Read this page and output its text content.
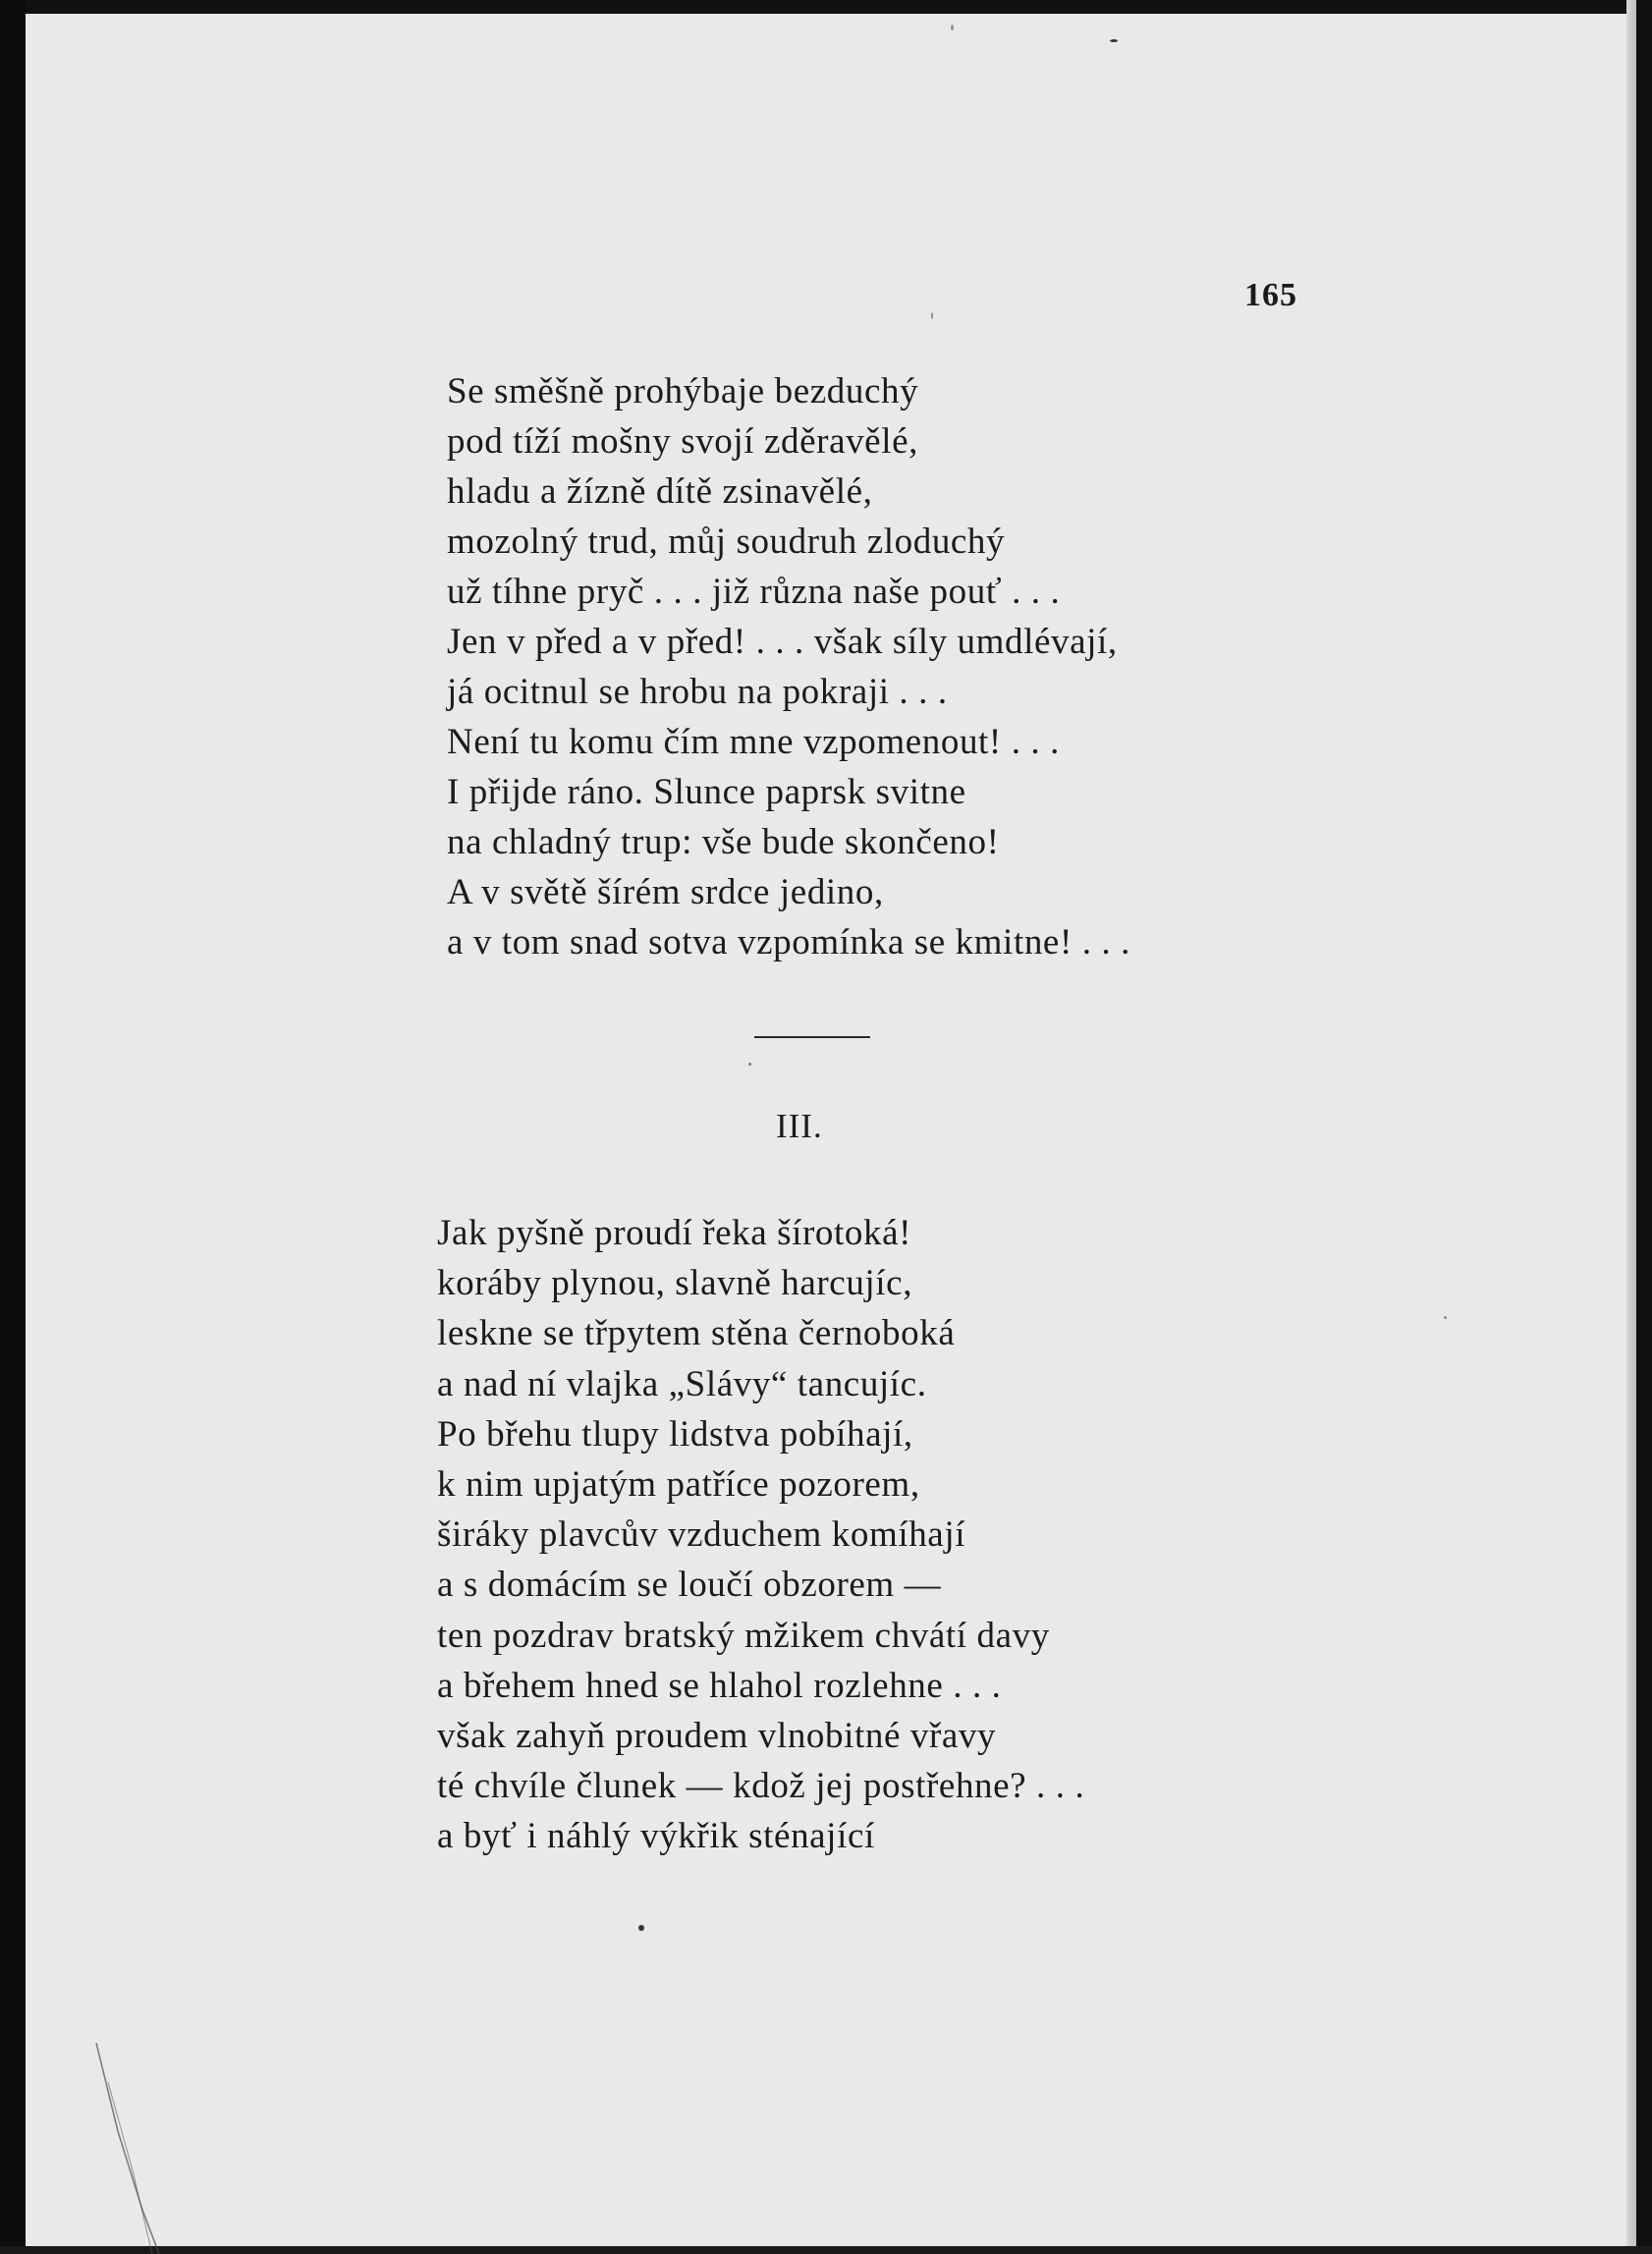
165
Se směšně prohýbaje bezduchý
pod tíží mošny svojí zděravělé,
hladu a žízně dítě zsinavělé,
mozolný trud, můj soudruh zloduchý
už tíhne pryč . . . již různa naše pouť . . .
Jen v před a v před! . . . však síly umdlévají,
já ocitnul se hrobu na pokraji . . .
Není tu komu čím mne vzpomenout! . . .
I přijde ráno. Slunce paprsk svitne
na chladný trup: vše bude skončeno!
A v světě šírém srdce jedino,
a v tom snad sotva vzpomínka se kmitne! . . .
III.
Jak pyšně proudí řeka šírotoká!
koráby plynou, slavně harcujíc,
leskne se třpytem stěna černoboká
a nad ní vlajka „Slávy“ tancujíc.
Po břehu tlupy lidstva pobíhají,
k nim upjatým patříce pozorem,
širáky plavcův vzduchem komíhají
a s domácím se loučí obzorem —
ten pozdrav bratský mžikem chvátí davy
a břehem hned se hlahol rozlehne . . .
však zahyň proudem vlnobitné vřavy
té chvíle člunek — kdož jej postřehne? . . .
a byť i náhlý výkřik sténající
